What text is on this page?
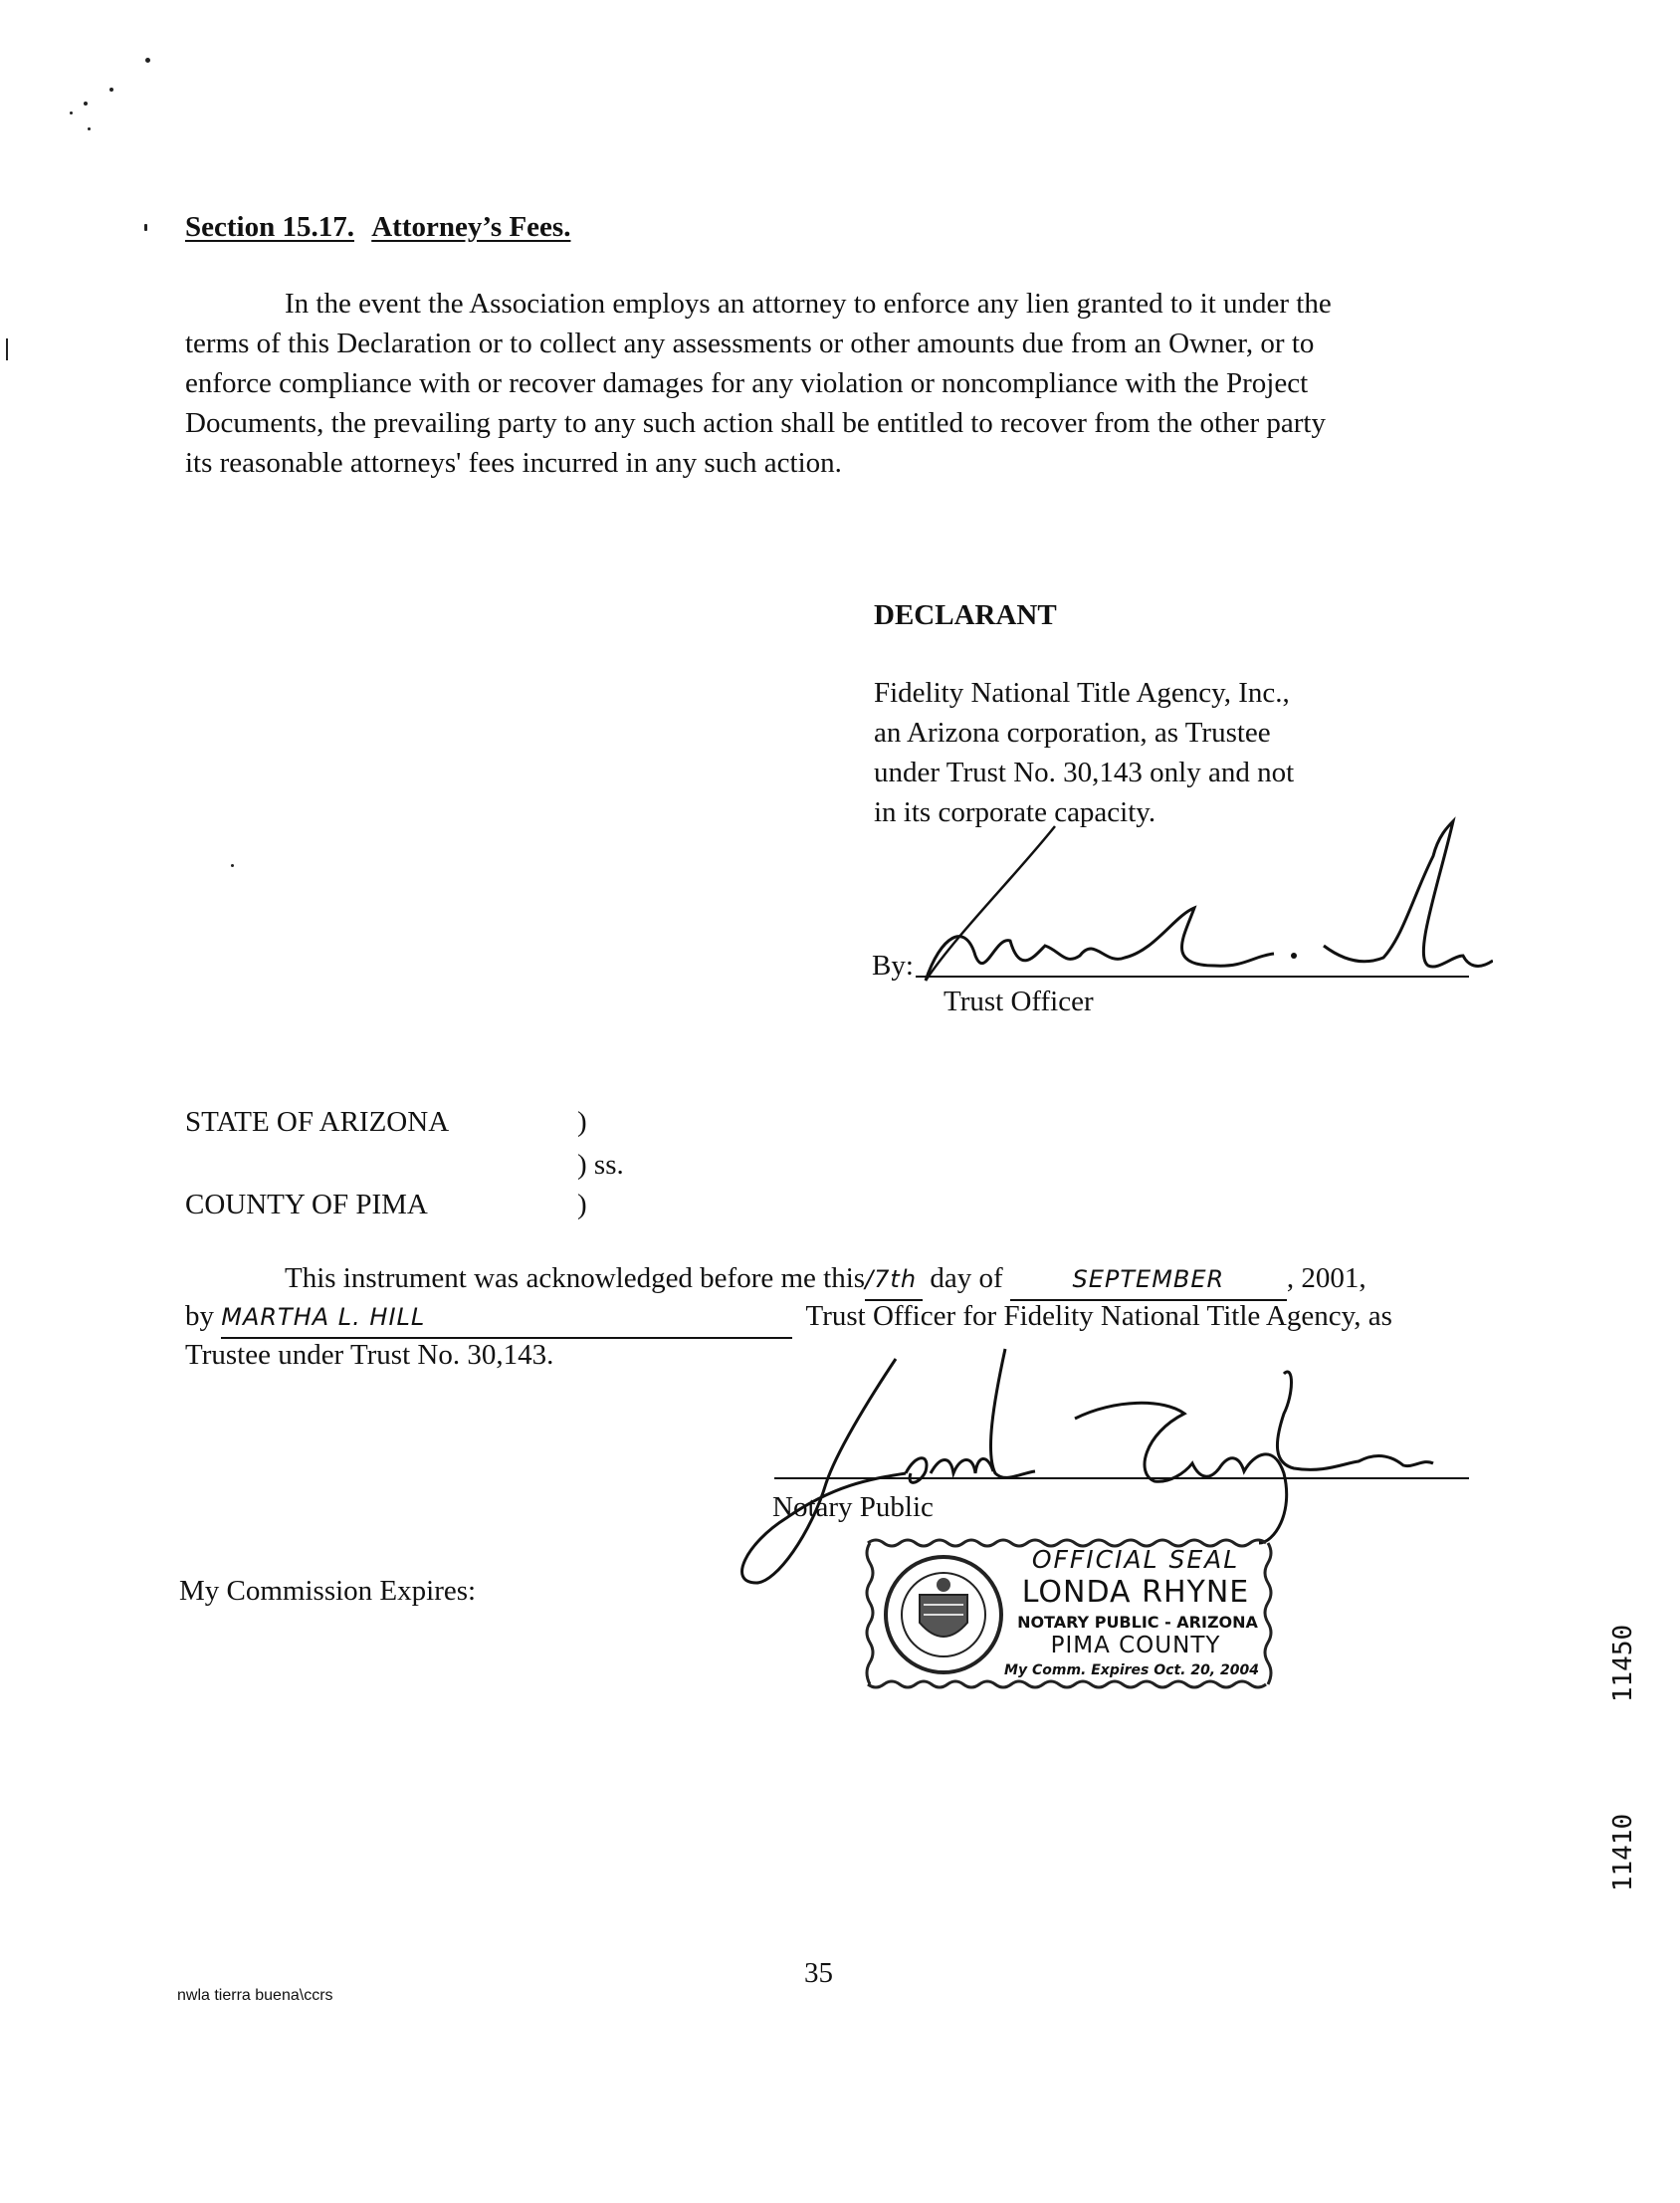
Section 15.17. Attorney’s Fees.
In the event the Association employs an attorney to enforce any lien granted to it under the
terms of this Declaration or to collect any assessments or other amounts due from an Owner, or to
enforce compliance with or recover damages for any violation or noncompliance with the Project
Documents, the prevailing party to any such action shall be entitled to recover from the other party
its reasonable attorneys' fees incurred in any such action.
DECLARANT
Fidelity National Title Agency, Inc.,
an Arizona corporation, as Trustee
under Trust No. 30,143 only and not
in its corporate capacity.
By:
Trust Officer
STATE OF ARIZONA	)
) ss.
COUNTY OF PIMA	)
This instrument was acknowledged before me this/7th day of	SEPTEMBER , 2001,
by MARTHA L. HILL	Trust Officer for Fidelity National Title Agency, as
Trustee under Trust No. 30,143.
Notary Public
My Commission Expires:
OFFICIAL SEAL
LONDA RHYNE
NOTARY PUBLIC - ARIZONA
PIMA COUNTY
My Comm. Expires Oct. 20, 2004	11450
11410
nwla tierra buena\ccrs
35
